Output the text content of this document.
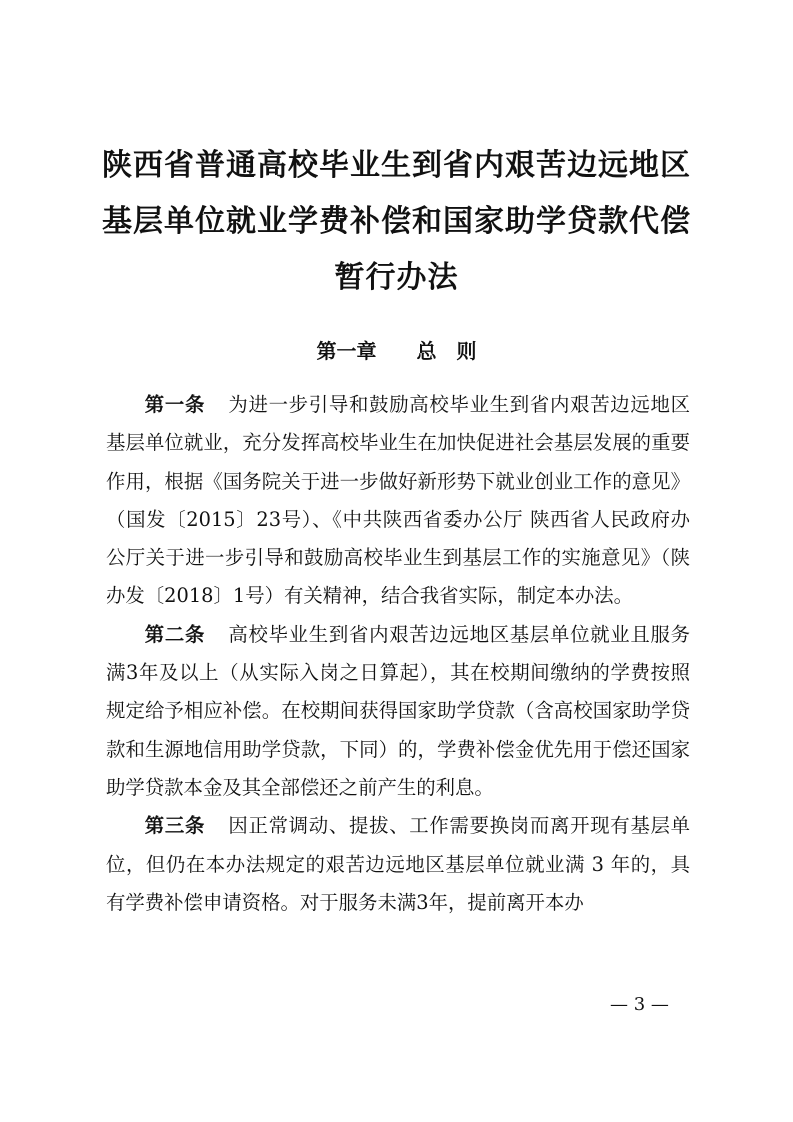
陕西省普通高校毕业生到省内艰苦边远地区
基层单位就业学费补偿和国家助学贷款代偿
暂行办法
第一章　　总　则

第一条 为进一步引导和鼓励高校毕业生到省内艰苦边远地区基层单位就业，充分发挥高校毕业生在加快促进社会基层发展的重要作用，根据《国务院关于进一步做好新形势下就业创业工作的意见》（国发〔2015〕23号）、《中共陕西省委办公厅 陕西省人民政府办公厅关于进一步引导和鼓励高校毕业生到基层工作的实施意见》（陕办发〔2018〕1号）有关精神，结合我省实际，制定本办法。

第二条 高校毕业生到省内艰苦边远地区基层单位就业且服务满3年及以上（从实际入岗之日算起），其在校期间缴纳的学费按照规定给予相应补偿。在校期间获得国家助学贷款（含高校国家助学贷款和生源地信用助学贷款，下同）的，学费补偿金优先用于偿还国家助学贷款本金及其全部偿还之前产生的利息。

第三条 因正常调动、提拔、工作需要换岗而离开现有基层单位，但仍在本办法规定的艰苦边远地区基层单位就业满 3 年的，具有学费补偿申请资格。对于服务未满3年，提前离开本办

— 3 —
